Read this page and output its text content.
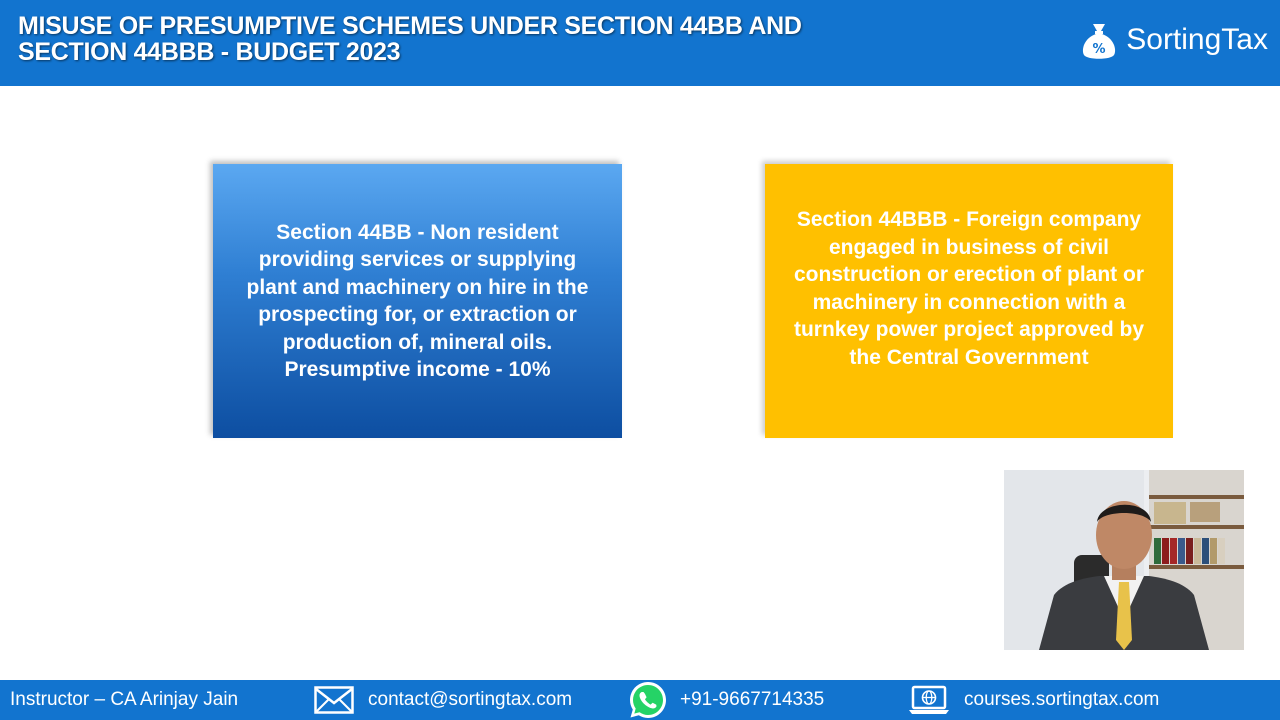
MISUSE OF PRESUMPTIVE SCHEMES UNDER SECTION 44BB AND
SECTION 44BBB - BUDGET 2023	% SortingTax
Section 44BB - Non resident
providing services or supplying
plant and machinery on hire in the
prospecting for, or extraction or
production of, mineral oils.
Presumptive income - 10%
Section 44BBB - Foreign company
engaged in business of civil
construction or erection of plant or
machinery in connection with a
turnkey power project approved by
the Central Government
Instructor – CA Arinjay Jain	contact@sortingtax.com	+91-9667714335	courses.sortingtax.com
